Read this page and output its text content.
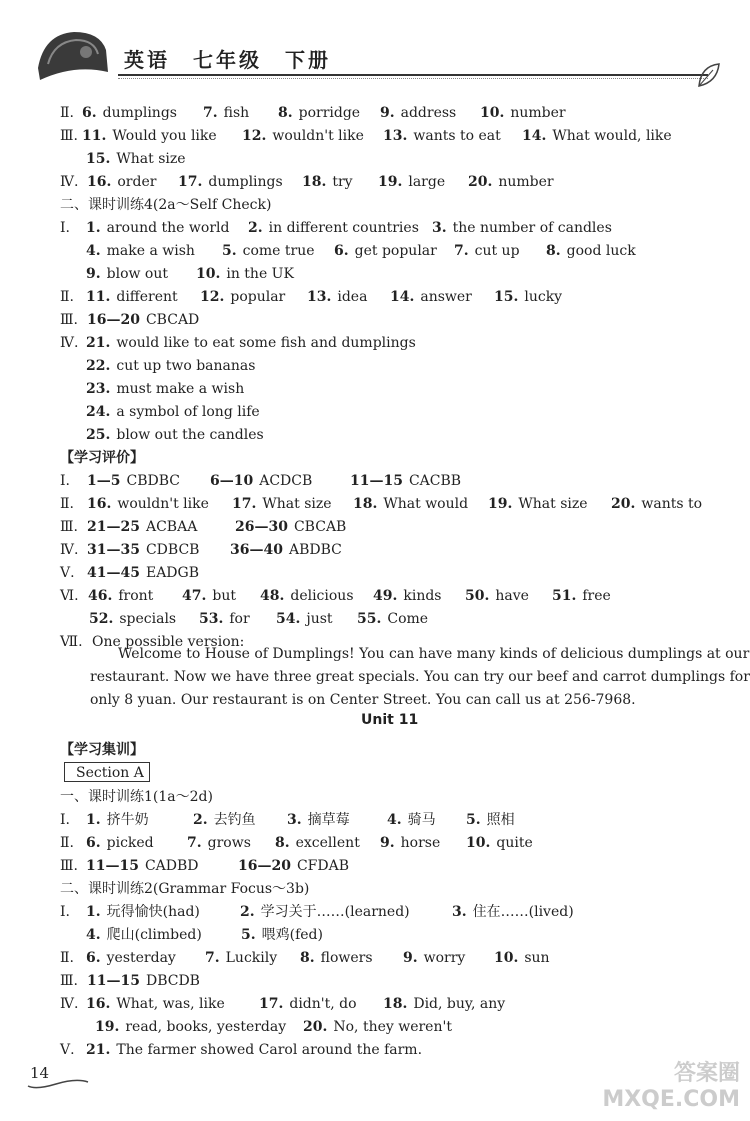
英语　七年级　下册
Ⅱ. 6. dumplings 7. fish 8. porridge 9. address 10. number
Ⅲ. 11. Would you like 12. wouldn't like 13. wants to eat 14. What would, like
15. What size
Ⅳ. 16. order 17. dumplings 18. try 19. large 20. number
二、课时训练4(2a～Self Check)
Ⅰ. 1. around the world 2. in different countries 3. the number of candles
4. make a wish 5. come true 6. get popular 7. cut up 8. good luck
9. blow out 10. in the UK
Ⅱ. 11. different 12. popular 13. idea 14. answer 15. lucky
Ⅲ. 16—20 CBCAD
Ⅳ. 21. would like to eat some fish and dumplings
22. cut up two bananas
23. must make a wish
24. a symbol of long life
25. blow out the candles
【学习评价】
Ⅰ. 1—5 CBDBC 6—10 ACDCB	11—15 CACBB
Ⅱ. 16. wouldn't like 17. What size 18. What would 19. What size 20. wants to
Ⅲ. 21—25 ACBAA	26—30 CBCAB
Ⅳ. 31—35 CDBCB 36—40 ABDBC
Ⅴ. 41—45 EADGB
Ⅵ. 46. front 47. but 48. delicious 49. kinds 50. have 51. free
52. specials 53. for 54. just 55. Come
Ⅶ. One possible version:
【学习集训】
Section A
一、课时训练1(1a～2d)
Ⅰ. 1. 挤牛奶	2. 去钓鱼 3. 摘草莓	4. 骑马 5. 照相
Ⅱ. 6. picked 7. grows 8. excellent 9. horse 10. quite
Ⅲ. 11—15 CADBD	16—20 CFDAB
二、课时训练2(Grammar Focus～3b)
Ⅰ. 1. 玩得愉快(had)	2. 学习关于……(learned)	3. 住在……(lived)
4. 爬山(climbed)	5. 喂鸡(fed)
Ⅱ. 6. yesterday 7. Luckily 8. flowers 9. worry 10. sun
Ⅲ. 11—15 DBCDB
Ⅳ. 16. What, was, like 17. didn't, do 18. Did, buy, any
19. read, books, yesterday 20. No, they weren't
Ⅴ. 21. The farmer showed Carol around the farm.
Welcome to House of Dumplings! You can have many kinds of delicious dumplings at our
restaurant. Now we have three great specials. You can try our beef and carrot dumplings for
Unit 11
14	答案圈
MXQE.COM
only 8 yuan. Our restaurant is on Center Street. You can call us at 256-7968.
